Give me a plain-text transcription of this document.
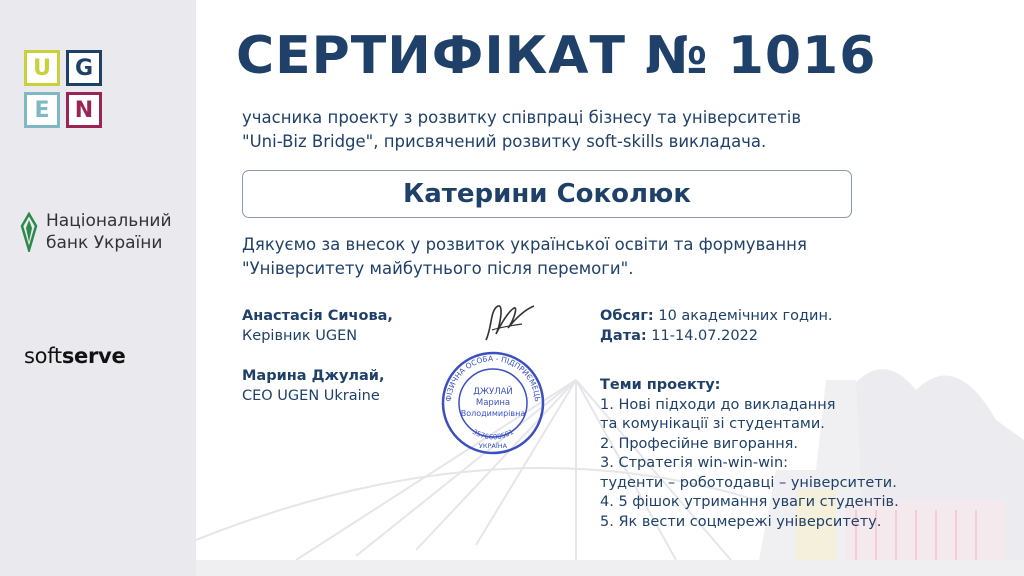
U	G
E	N
Національний
банк України
softserve
СЕРТИФІКАТ № 1016
учасника проекту з розвитку співпраці бізнесу та університетів
"Uni-Biz Bridge", присвячений розвитку soft-skills викладача.
Катерини Соколюк
Дякуємо за внесок у розвиток української освіти та формування
"Університету майбутнього після перемоги".
Анастасія Сичова,
Керівник UGEN
Марина Джулай,
CEO UGEN Ukraine	ФІЗИЧНА ОСОБА - ПІДПРИЄМЕЦЬ
3576608501
ДЖУЛАЙ
Марина
Володимирівна
УКРАЇНА
Обсяг: 10 академічних годин.
Дата: 11-14.07.2022
Теми проекту:
1. Нові підходи до викладання
та комунікації зі студентами.
2. Професійне вигорання.
3. Стратегія win-win-win:
туденти – роботодавці – університети.
4. 5 фішок утримання уваги студентів.
5. Як вести соцмережі університету.
